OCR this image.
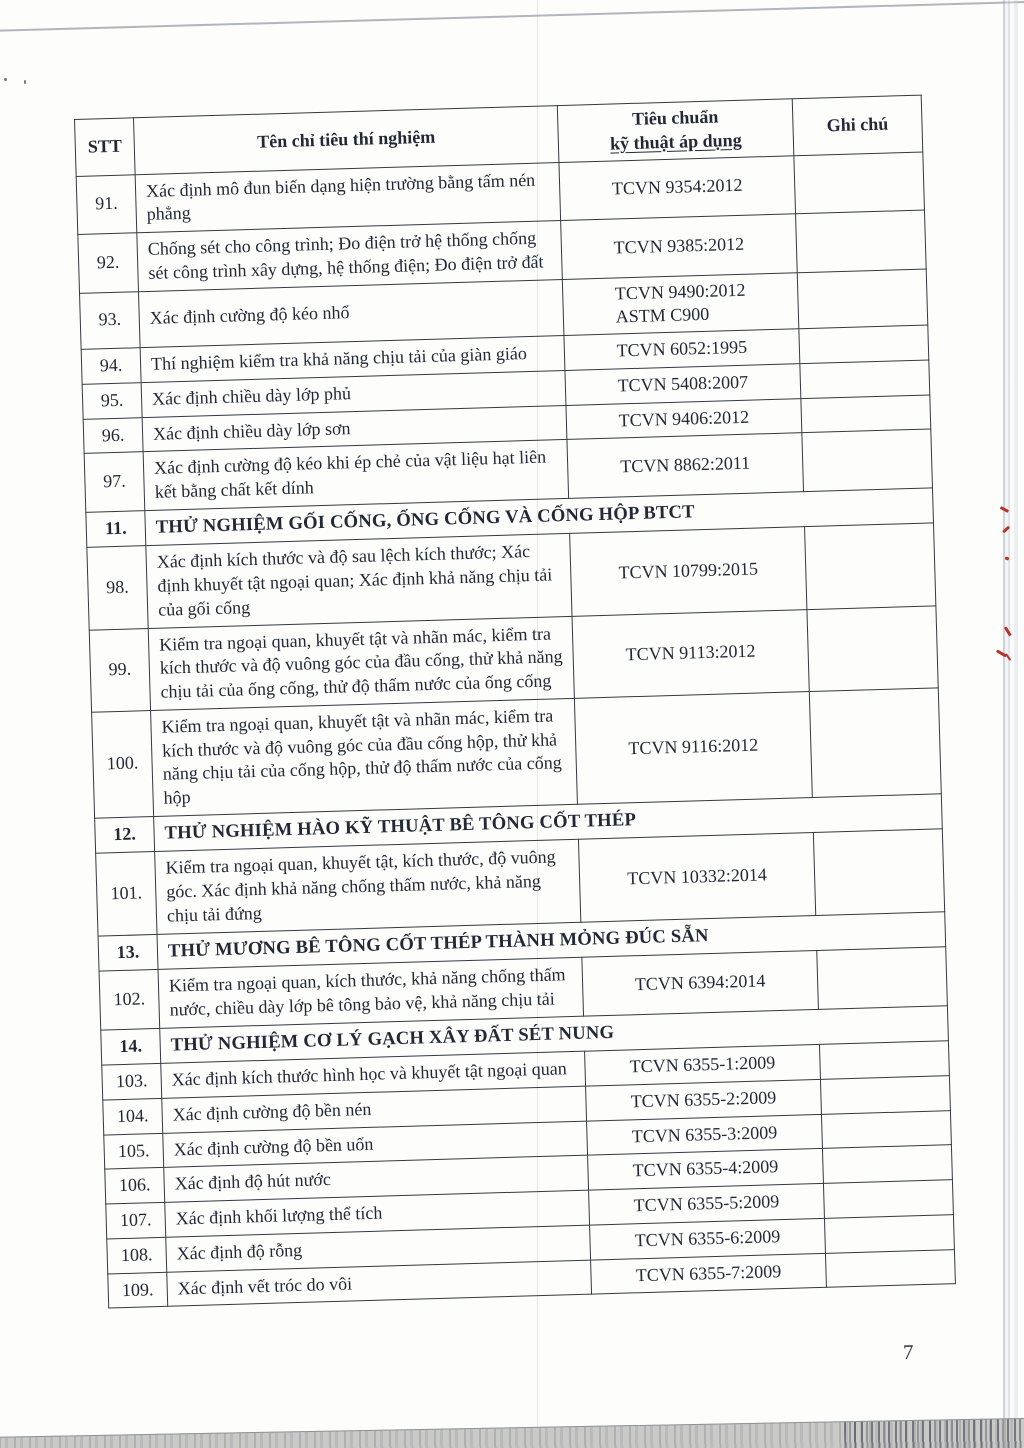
STT	Tên chỉ tiêu thí nghiệm	Tiêu chuẩn
kỹ thuật áp dụng	Ghi chú
91.	Xác định mô đun biến dạng hiện trường bằng tấm nén phẳng	TCVN 9354:2012	
92.	Chống sét cho công trình; Đo điện trở hệ thống chống sét công trình xây dựng, hệ thống điện; Đo điện trở đất	TCVN 9385:2012	
93.	Xác định cường độ kéo nhổ	TCVN 9490:2012
ASTM C900	

94.	Thí nghiệm kiểm tra khả năng chịu tải của giàn giáo	TCVN 6052:1995	
95.	Xác định chiều dày lớp phủ	TCVN 5408:2007	
96.	Xác định chiều dày lớp sơn	TCVN 9406:2012	
97.	Xác định cường độ kéo khi ép chẻ của vật liệu hạt liên kết bằng chất kết dính	TCVN 8862:2011	
11.	THỬ NGHIỆM GỐI CỐNG, ỐNG CỐNG VÀ CỐNG HỘP BTCT		
98.	Xác định kích thước và độ sau lệch kích thước; Xác định khuyết tật ngoại quan; Xác định khả năng chịu tải của gối cống	TCVN 10799:2015	
99.	Kiểm tra ngoại quan, khuyết tật và nhãn mác, kiểm tra kích thước và độ vuông góc của đầu cống, thử khả năng chịu tải của ống cống, thử độ thấm nước của ống cống	TCVN 9113:2012	
100.	Kiểm tra ngoại quan, khuyết tật và nhãn mác, kiểm tra kích thước và độ vuông góc của đầu cống hộp, thử khả năng chịu tải của cống hộp, thử độ thấm nước của cống hộp	TCVN 9116:2012	
12.	THỬ NGHIỆM HÀO KỸ THUẬT BÊ TÔNG CỐT THÉP		
101.	Kiểm tra ngoại quan, khuyết tật, kích thước, độ vuông góc. Xác định khả năng chống thấm nước, khả năng chịu tải đứng	TCVN 10332:2014	
13.	THỬ MƯƠNG BÊ TÔNG CỐT THÉP THÀNH MỎNG ĐÚC SẴN		
102.	Kiểm tra ngoại quan, kích thước, khả năng chống thấm nước, chiều dày lớp bê tông bảo vệ, khả năng chịu tải	TCVN 6394:2014	
14.	THỬ NGHIỆM CƠ LÝ GẠCH XÂY ĐẤT SÉT NUNG		
103.	Xác định kích thước hình học và khuyết tật ngoại quan	TCVN 6355-1:2009	
104.	Xác định cường độ bền nén	TCVN 6355-2:2009	
105.	Xác định cường độ bền uốn	TCVN 6355-3:2009	
106.	Xác định độ hút nước	TCVN 6355-4:2009	
107.	Xác định khối lượng thể tích	TCVN 6355-5:2009	
108.	Xác định độ rỗng	TCVN 6355-6:2009	
109.	Xác định vết tróc do vôi	TCVN 6355-7:2009	
7
